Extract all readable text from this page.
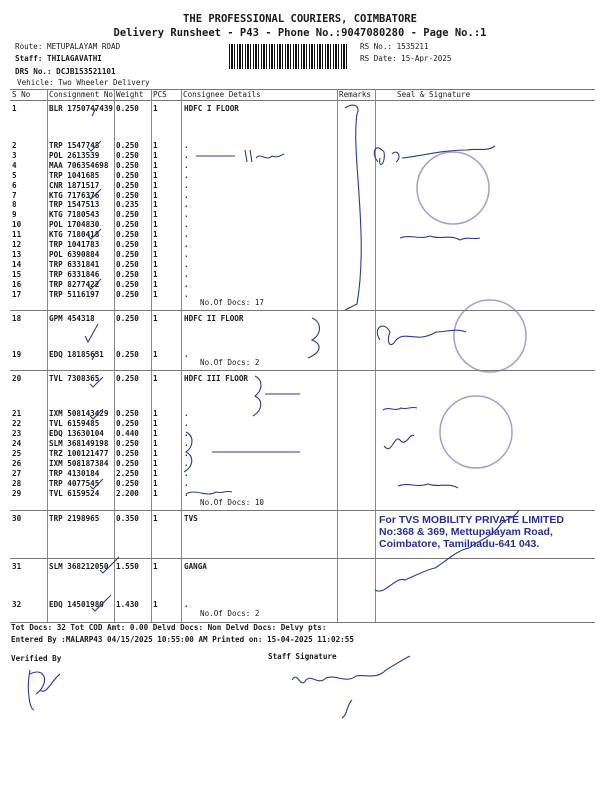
THE PROFESSIONAL COURIERS, COIMBATORE
Delivery Runsheet - P43 - Phone No.:9047080280 - Page No.:1
Route: METUPALAYAM ROAD
Staff: THILAGAVATHI
DRS No.: DCJB153521101
Vehicle: Two Wheeler Delivery
RS No.: 1535211
RS Date: 15-Apr-2025
S No Consignment No Weight PCS Consignee Details	Remarks	Seal & Signature
1	BLR 1750747439 0.250 1	HDFC I FLOOR
2	TRP 1547748 0.250 1	.
3	POL 2613539 0.250 1	.
4	MAA 706354698 0.250 1	.
5	TRP 1041685 0.250 1	.
6	CNR 1871517 0.250 1	.
7	KTG 7176376 0.250 1	.
8	TRP 1547513 0.235 1	.
9	KTG 7180543 0.250 1	.
10	POL 1704830 0.250 1	.
11	KTG 7180418 0.250 1	.
12	TRP 1041783 0.250 1	.
13	POL 6390884 0.250 1	.
14	TRP 6331841 0.250 1	.
15	TRP 6331846 0.250 1	.
16	TRP 8277422 0.250 1	.
17	TRP 5116197 0.250 1	.
No.Of Docs: 17
18	GPM 454318	0.250 1	HDFC II FLOOR
19	EDQ 18185631 0.250 1	.
No.Of Docs: 2
20	TVL 7308365 0.250 1	HDFC III FLOOR
21	IXM 508143429 0.250 1	.
22	TVL 6159485 0.250 1	.
23	EDQ 13630104 0.440 1	.
24	SLM 368149198 0.250 1	.
25	TRZ 100121477 0.250 1	.
26	IXM 508187384 0.250 1	.
27	TRP 4130184 2.250 1	.
28	TRP 4077545 0.250 1	.
29	TVL 6159524 2.200 1	.
No.Of Docs: 10
30	TRP 2198965 0.350 1	TVS
31	SLM 368212050 1.550 1	GANGA
32	EDQ 14501980 1.430 1	.
No.Of Docs: 2
Tot Docs: 32 Tot COD Amt: 0.00 Delvd Docs: Non Delvd Docs: Delvy pts:
Entered By :MALARP43 04/15/2025 10:55:00 AM Printed on: 15-04-2025 11:02:55
Verified By	Staff Signature
For TVS MOBILITY PRIVATE LIMITED
No:368 & 369, Mettupalayam Road,
Coimbatore, Tamilnadu-641 043.
